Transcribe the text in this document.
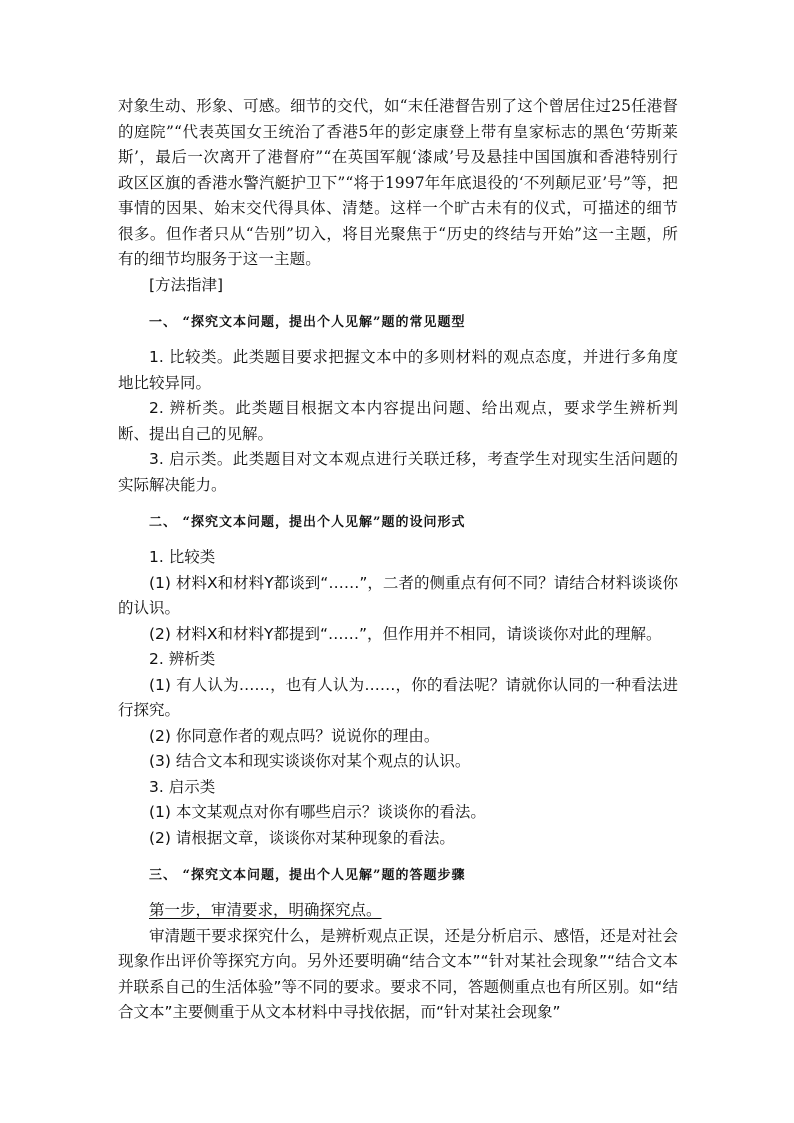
对象生动、形象、可感。细节的交代，如“末任港督告别了这个曾居住过25任港督的庭院”“代表英国女王统治了香港5年的彭定康登上带有皇家标志的黑色‘劳斯莱斯’，最后一次离开了港督府”“在英国军舰‘漆咸’号及悬挂中国国旗和香港特别行政区区旗的香港水警汽艇护卫下”“将于1997年年底退役的‘不列颠尼亚’号”等，把事情的因果、始末交代得具体、清楚。这样一个旷古未有的仪式，可描述的细节很多。但作者只从“告别”切入，将目光聚焦于“历史的终结与开始”这一主题，所有的细节均服务于这一主题。

[方法指津]

一、 “探究文本问题，提出个人见解”题的常见题型

1. 比较类。此类题目要求把握文本中的多则材料的观点态度，并进行多角度地比较异同。

2. 辨析类。此类题目根据文本内容提出问题、给出观点，要求学生辨析判断、提出自己的见解。

3. 启示类。此类题目对文本观点进行关联迁移，考查学生对现实生活问题的实际解决能力。

二、 “探究文本问题，提出个人见解”题的设问形式

1. 比较类

(1) 材料X和材料Y都谈到“……”，二者的侧重点有何不同？请结合材料谈谈你的认识。

(2) 材料X和材料Y都提到“……”，但作用并不相同，请谈谈你对此的理解。

2. 辨析类

(1) 有人认为……，也有人认为……，你的看法呢？请就你认同的一种看法进行探究。

(2) 你同意作者的观点吗？说说你的理由。

(3) 结合文本和现实谈谈你对某个观点的认识。

3. 启示类

(1) 本文某观点对你有哪些启示？谈谈你的看法。

(2) 请根据文章，谈谈你对某种现象的看法。

三、 “探究文本问题，提出个人见解”题的答题步骤

第一步，审清要求，明确探究点。

审清题干要求探究什么，是辨析观点正误，还是分析启示、感悟，还是对社会现象作出评价等探究方向。另外还要明确“结合文本”“针对某社会现象”“结合文本并联系自己的生活体验”等不同的要求。要求不同，答题侧重点也有所区别。如“结合文本”主要侧重于从文本材料中寻找依据，而“针对某社会现象”
